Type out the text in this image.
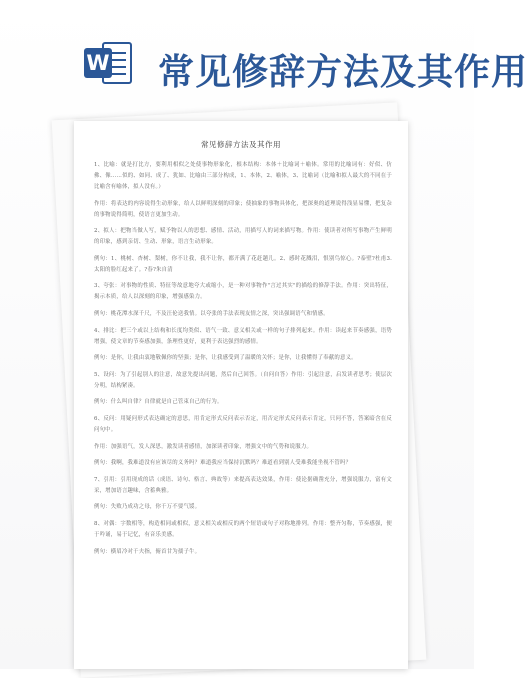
W 常见修辞方法及其作用
常见修辞方法及其作用

1、比喻：就是打比方，要利用相似之处使事物形象化，根本结构：本体＋比喻词＋喻体。常用的比喻词有：好似、仿佛、像……似的、如同、成了、犹如、比喻由三部分构成，1、本体，2、喻体，3、比喻词（比喻和拟人最大的不同在于比喻含有喻体，拟人没有。）

作用：将表达的内容说得生动形象，给人以鲜明深刻的印象；使抽象的事物具体化，把深奥的道理说得浅显易懂，把复杂的事物说得简明，使语言更加生动。

2、拟人：把物当做人写，赋予物以人的思想、感情、活动，用描写人的词来描写物。作用：使读者对所写事物产生鲜明的印象，感到亲切、生动、形象，语言生动形象。

例句：1、桃树、杏树、梨树，你不让我，我不让你，都开满了花赶趟儿。2、感时花溅泪，恨别鸟惊心。?泰壁?杜甫3.太阳的脸红起来了。?春?朱自清

3、夸张：对事物的性质、特征等故意地夸大或缩小，是一种对事物作"言过其实"的描绘的修辞手法。作用：突出特征，揭示本质，给人以深刻的印象，增强感染力。

例句：桃花潭水深千尺，不及汪伦送我情。以夸张的手法表现友情之深，突出强调语气和情感。

4、排比：把三个或以上结构和长度均类似、语气一致、意义相关或一样的句子排列起来。作用：读起来节奏感强，语势增强，使文章的节奏感加强，条理性更好，更利于表达强烈的感情。

例句：是你，让我由衷地敬佩你的坚强；是你，让我感受到了温暖的关怀；是你，让我懂得了奉献的意义。

5、设问：为了引起别人的注意，故意先提出问题，然后自己回答。（自问自答）作用：引起注意，启发读者思考；使层次分明，结构紧凑。

例句：什么叫自律？自律就是自己管束自己的行为。

6、反问：用疑问形式表达确定的意思，用肯定形式反问表示否定，用否定形式反问表示肯定，只问不答，答案暗含在反问句中。

作用：加强语气，发人深思，激发读者感情，加深读者印象，增强文中的气势和说服力。

例句：我啊，我难道没有应该尽的义务吗？难道我应当保持沉默吗？难道看到别人受难我能坐视不管吗？

7、引用：引用现成的话（成语、诗句、格言、典故等）来提高表达效果，作用：使论据确凿充分，增强说服力，富有文采，增加语言趣味，含蓄典雅。

例句：失败乃成功之母，你千万不要气馁。

8、对偶：字数相等，构造相同或相似，意义相关或相反的两个短语或句子对称地排列。作用：整齐匀称，节奏感强，便于吟诵，易于记忆，有音乐美感。

例句：横眉冷对千夫指，俯首甘为孺子牛。
